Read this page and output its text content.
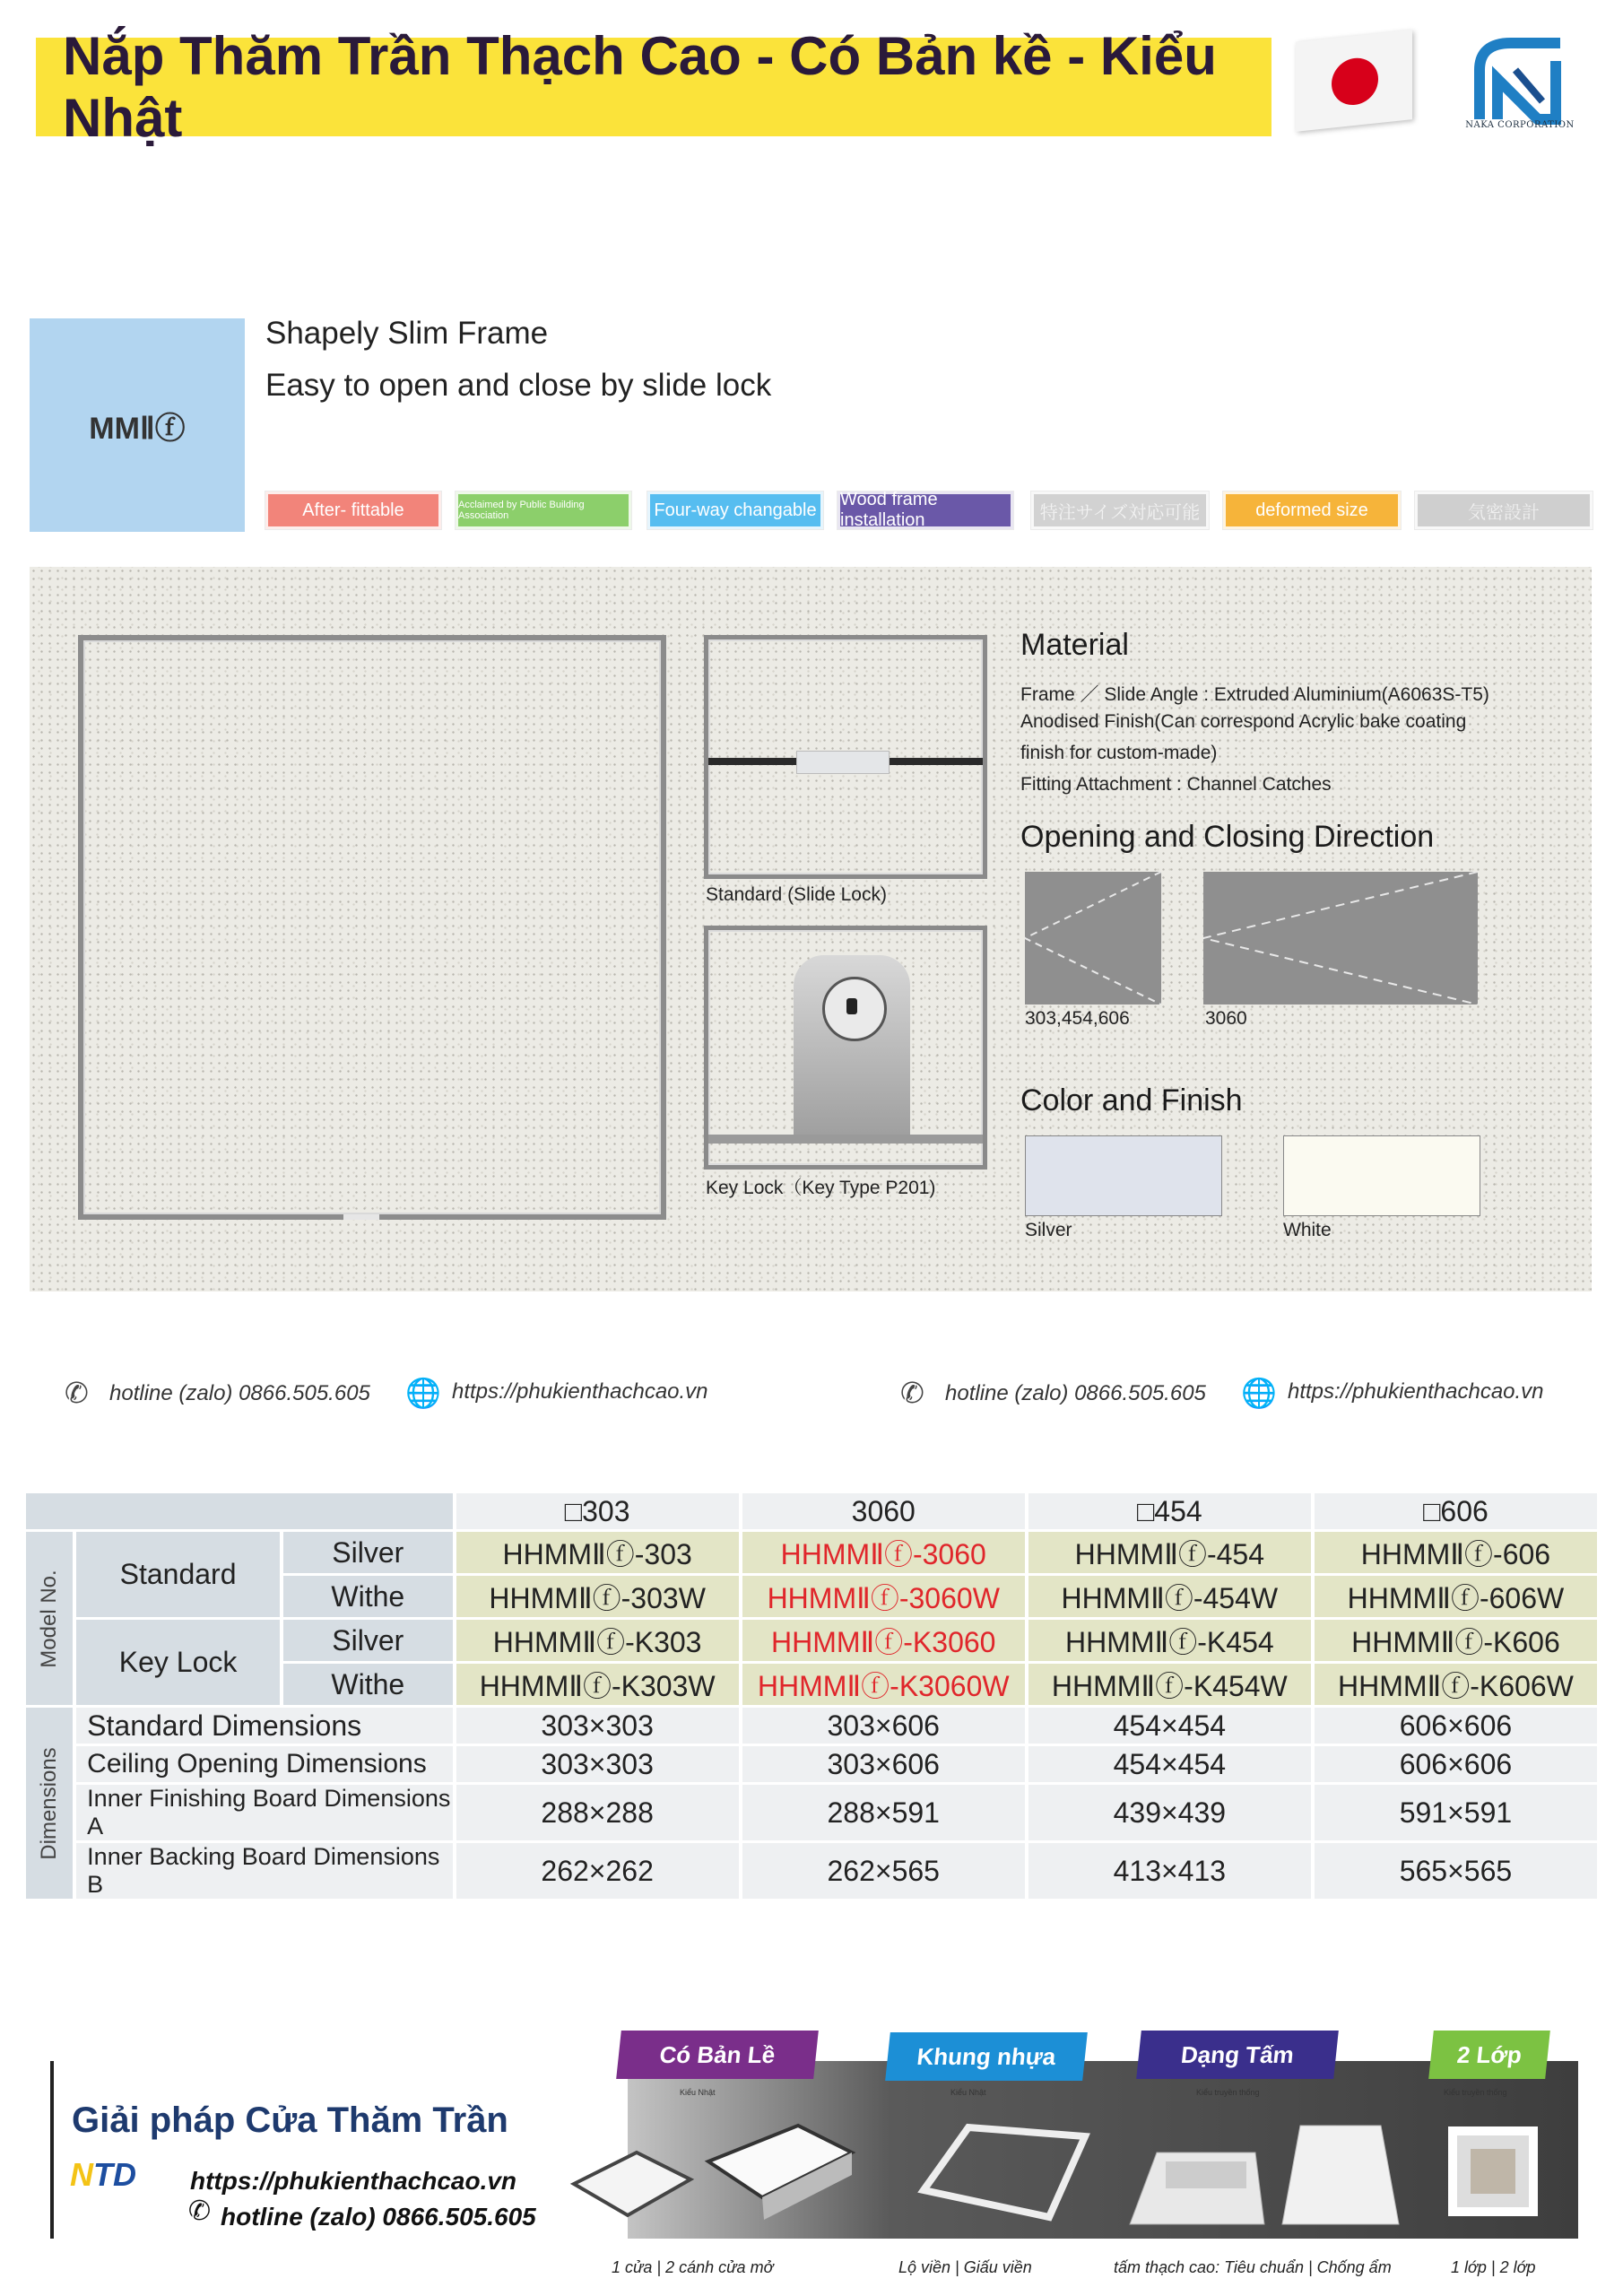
Nắp Thăm Trần Thạch Cao - Có Bản kề - Kiểu Nhật	NAKA CORPORATION
MMⅡⓕ
Shapely Slim Frame
Easy to open and close by slide lock
After- fittable	Acclaimed by Public Building Association	Four-way changable
Wood frame installation	特注サイズ対応可能	deformed size	気密設計
Standard (Slide Lock)
Key Lock（Key Type P201)
Material
Frame ／ Slide Angle : Extruded Aluminium(A6063S-T5)
Anodised Finish(Can correspond Acrylic bake coating
finish for custom-made)
Fitting Attachment : Channel Catches
Opening and Closing Direction
303,454,606	3060
Color and Finish
Silver	White
✆ hotline (zalo) 0866.505.605 🌐 https://phukienthachcao.vn	✆ hotline (zalo) 0866.505.605 🌐 https://phukienthachcao.vn
			□303	3060	□454	□606

Model No.	Standard	Silver	HHMMⅡⓕ-303	HHMMⅡⓕ-3060	HHMMⅡⓕ-454	HHMMⅡⓕ-606
		Withe	HHMMⅡⓕ-303W	HHMMⅡⓕ-3060W	HHMMⅡⓕ-454W	HHMMⅡⓕ-606W
	Key Lock	Silver	HHMMⅡⓕ-K303	HHMMⅡⓕ-K3060	HHMMⅡⓕ-K454	HHMMⅡⓕ-K606
		Withe	HHMMⅡⓕ-K303W	HHMMⅡⓕ-K3060W	HHMMⅡⓕ-K454W	HHMMⅡⓕ-K606W

Dimensions	Standard Dimensions		303×303	303×606	454×454	606×606
	Ceiling Opening Dimensions		303×303	303×606	454×454	606×606
	Inner Finishing Board Dimensions A		288×288	288×591	439×439	591×591
	Inner Backing Board Dimensions B		262×262	262×565	413×413	565×565
Giải pháp Cửa Thăm Trần
NTD https://phukienthachcao.vn
✆ hotline (zalo) 0866.505.605
Có Bản Lề	Khung nhựa	Dạng Tấm	2 Lớp
Kiểu Nhật	Kiểu Nhật	Kiểu truyền thống	Kiểu truyền thống
1 cửa | 2 cánh cửa mở	Lộ viền | Giấu viền	tấm thạch cao: Tiêu chuẩn | Chống ẩm	1 lớp | 2 lớp
